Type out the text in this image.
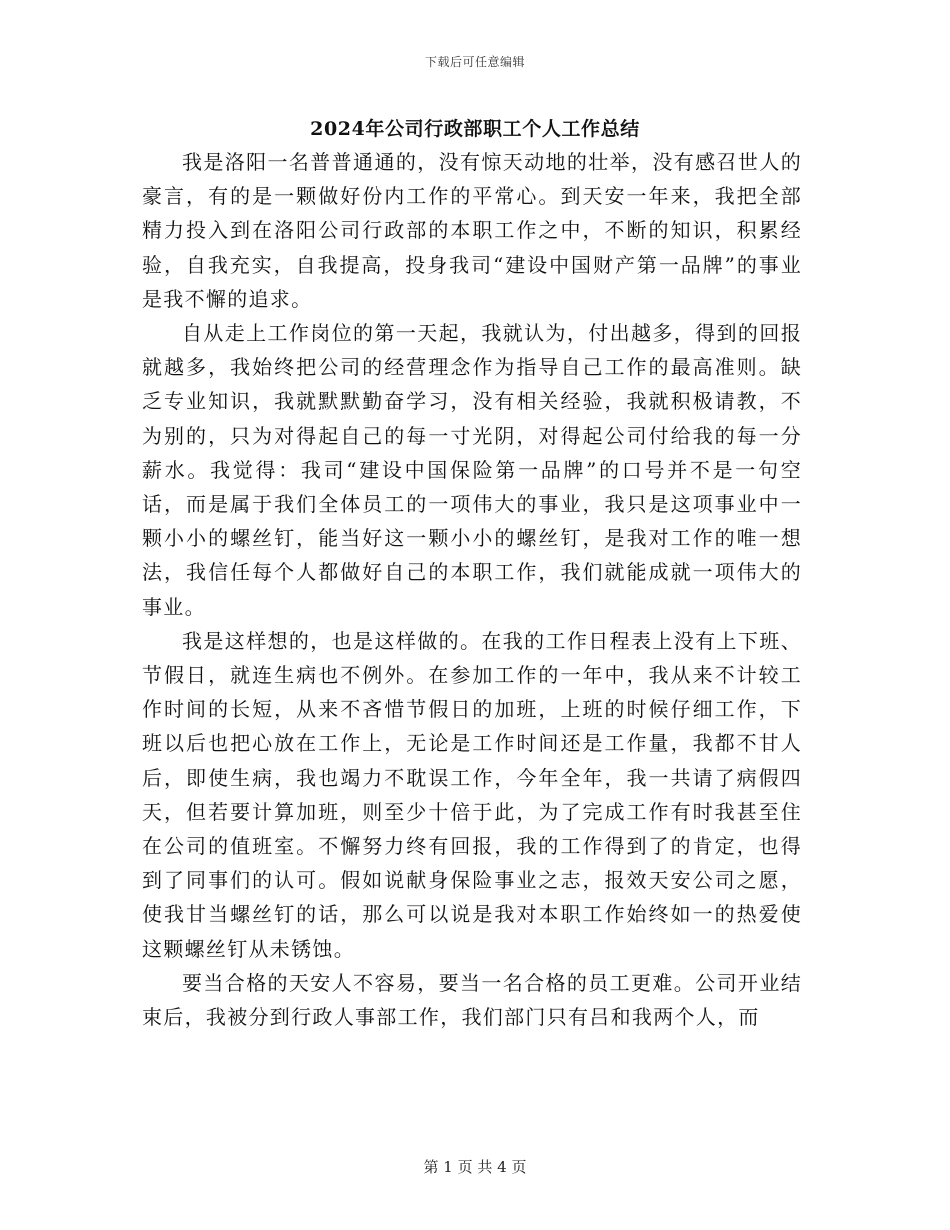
下载后可任意编辑
2024年公司行政部职工个人工作总结

我是洛阳一名普普通通的，没有惊天动地的壮举，没有感召世人的豪言，有的是一颗做好份内工作的平常心。到天安一年来，我把全部精力投入到在洛阳公司行政部的本职工作之中，不断的知识，积累经验，自我充实，自我提高，投身我司“建设中国财产第一品牌”的事业是我不懈的追求。

自从走上工作岗位的第一天起，我就认为，付出越多，得到的回报就越多，我始终把公司的经营理念作为指导自己工作的最高准则。缺乏专业知识，我就默默勤奋学习，没有相关经验，我就积极请教，不为别的，只为对得起自己的每一寸光阴，对得起公司付给我的每一分薪水。我觉得：我司“建设中国保险第一品牌”的口号并不是一句空话，而是属于我们全体员工的一项伟大的事业，我只是这项事业中一颗小小的螺丝钉，能当好这一颗小小的螺丝钉，是我对工作的唯一想法，我信任每个人都做好自己的本职工作，我们就能成就一项伟大的事业。

我是这样想的，也是这样做的。在我的工作日程表上没有上下班、节假日，就连生病也不例外。在参加工作的一年中，我从来不计较工作时间的长短，从来不吝惜节假日的加班，上班的时候仔细工作，下班以后也把心放在工作上，无论是工作时间还是工作量，我都不甘人后，即使生病，我也竭力不耽误工作，今年全年，我一共请了病假四天，但若要计算加班，则至少十倍于此，为了完成工作有时我甚至住在公司的值班室。不懈努力终有回报，我的工作得到了的肯定，也得到了同事们的认可。假如说献身保险事业之志，报效天安公司之愿，使我甘当螺丝钉的话，那么可以说是我对本职工作始终如一的热爱使这颗螺丝钉从未锈蚀。

要当合格的天安人不容易，要当一名合格的员工更难。公司开业结束后，我被分到行政人事部工作，我们部门只有吕和我两个人，而

第 1 页 共 4 页
